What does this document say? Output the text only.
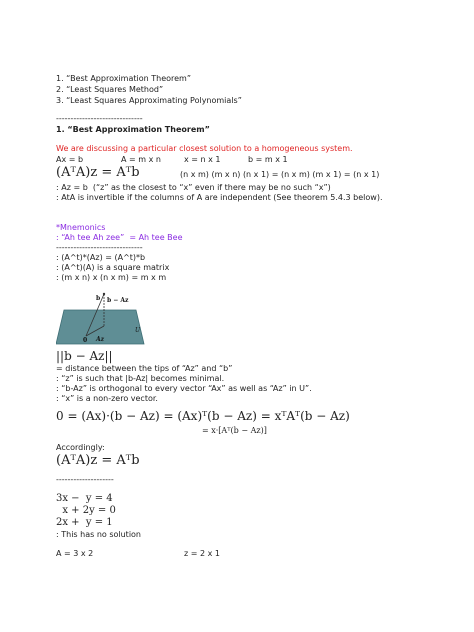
1. “Best Approximation Theorem”
2. “Least Squares Method”
3. “Least Squares Approximating Polynomials”
------------------------------
1. “Best Approximation Theorem”
We are discussing a particular closest solution to a homogeneous system.
Ax = b	A = m x n	x = n x 1	b = m x 1
(AᵀA)z = Aᵀb	(n x m) (m x n) (n x 1) = (n x m) (m x 1) = (n x 1)
: Az = b  (“z” as the closest to “x” even if there may be no such “x”)
: AtA is invertible if the columns of A are independent (See theorem 5.4.3 below).
*Mnemonics
: “Ah tee Ah zee”  = Ah tee Bee
------------------------------
: (A^t)*(Az) = (A^t)*b
: (A^t)(A) is a square matrix
: (m x n) x (n x m) = m x m
b b − Az
0 Az
U
||b − Az||
= distance between the tips of “Az” and “b”
: “z” is such that |b-Az| becomes minimal.
: “b-Az” is orthogonal to every vector “Ax” as well as “Az” in U”.
: “x” is a non-zero vector.
0 = (Ax)·(b − Az) = (Ax)ᵀ(b − Az) = xᵀAᵀ(b − Az)
= x·[Aᵀ(b − Az)]
Accordingly:
(AᵀA)z = Aᵀb
--------------------
3x −  y = 4
x + 2y = 0
2x +  y = 1
: This has no solution
A = 3 x 2	z = 2 x 1
